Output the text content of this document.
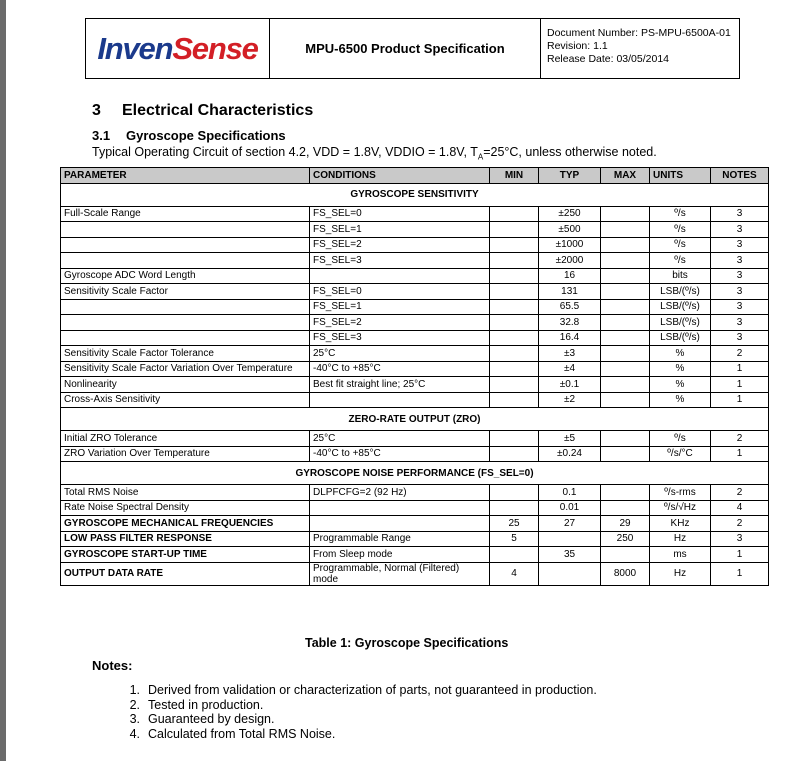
InvenSense	MPU-6500 Product Specification
Document Number: PS-MPU-6500A-01
Revision: 1.1
Release Date: 03/05/2014
3 Electrical Characteristics
3.1 Gyroscope Specifications
Typical Operating Circuit of section 4.2, VDD = 1.8V, VDDIO = 1.8V, $T_A=25^\circ C$, unless otherwise noted.
PARAMETER	CONDITIONS	MIN	TYP	MAX	UNITS	NOTES
GYROSCOPE SENSITIVITY						
Full-Scale Range	FS_SEL=0		±250		º/s	3
	FS_SEL=1		±500		º/s	3
	FS_SEL=2		±1000		º/s	3
	FS_SEL=3		±2000		º/s	3
Gyroscope ADC Word Length			16		bits	3
Sensitivity Scale Factor	FS_SEL=0		131		LSB/(º/s)	3
	FS_SEL=1		65.5		LSB/(º/s)	3
	FS_SEL=2		32.8		LSB/(º/s)	3
	FS_SEL=3		16.4		LSB/(º/s)	3
Sensitivity Scale Factor Tolerance	25°C		±3		%	2
Sensitivity Scale Factor Variation Over Temperature	-40°C to +85°C		±4		%	1
Nonlinearity	Best fit straight line; 25°C		±0.1		%	1
Cross-Axis Sensitivity			±2		%	1
ZERO-RATE OUTPUT (ZRO)						
Initial ZRO Tolerance	25°C		±5		º/s	2
ZRO Variation Over Temperature	-40°C to +85°C		±0.24		º/s/°C	1
GYROSCOPE NOISE PERFORMANCE (FS_SEL=0)						
Total RMS Noise	DLPFCFG=2 (92 Hz)		0.1		º/s-rms	2
Rate Noise Spectral Density			0.01		º/s/√Hz	4
GYROSCOPE MECHANICAL FREQUENCIES		25	27	29	KHz	2
LOW PASS FILTER RESPONSE	Programmable Range	5		250	Hz	3
GYROSCOPE START-UP TIME	From Sleep mode		35		ms	1
OUTPUT DATA RATE	Programmable, Normal (Filtered) mode	4		8000	Hz	1
Table 1: Gyroscope Specifications
Notes:
1. Derived from validation or characterization of parts, not guaranteed in production.
2. Tested in production.
3. Guaranteed by design.
4. Calculated from Total RMS Noise.
